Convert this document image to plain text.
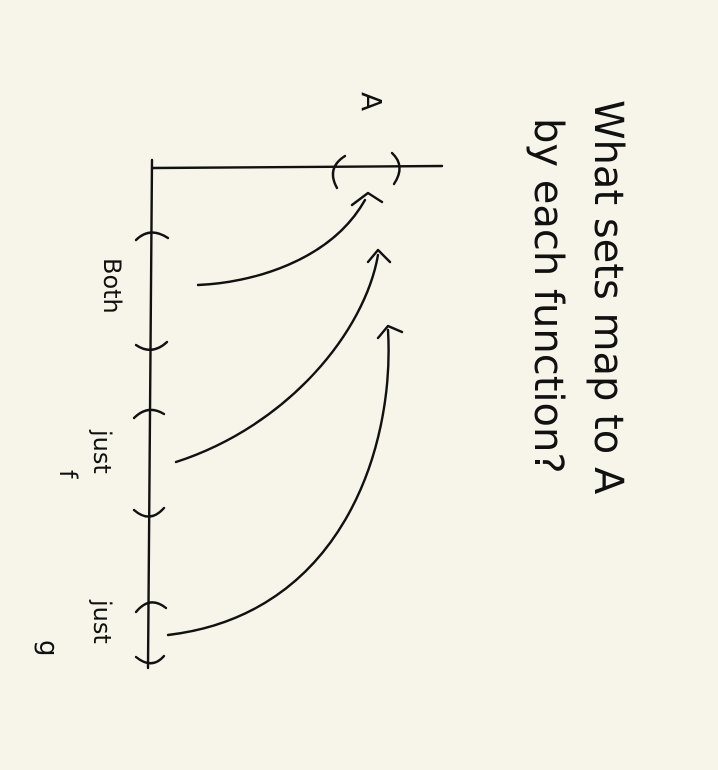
What sets map to A
by each function?
A
Both
just
f
just
g
